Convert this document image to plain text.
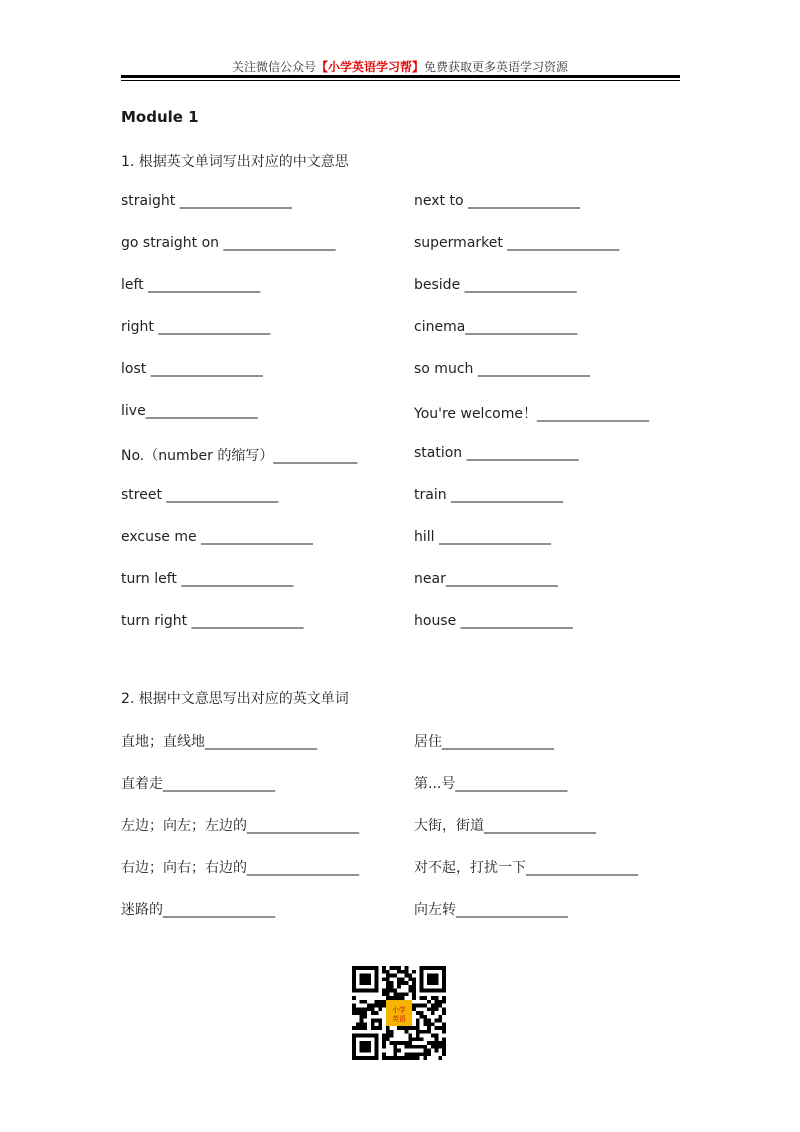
关注微信公众号【小学英语学习帮】免费获取更多英语学习资源
Module 1
1. 根据英文单词写出对应的中文意思
straight ________________
go straight on ________________
left ________________
right ________________
lost ________________
live________________
No.（number 的缩写）____________
street ________________
excuse me ________________
turn left ________________
turn right ________________
next to ________________
supermarket ________________
beside ________________
cinema________________
so much ________________
You're welcome！________________
station ________________
train ________________
hill ________________
near________________
house ________________
2. 根据中文意思写出对应的英文单词
直地；直线地________________
直着走________________
左边；向左；左边的________________
右边；向右；右边的________________
迷路的________________
居住________________
第...号________________
大街，街道________________
对不起，打扰一下________________
向左转________________
小学
英语
